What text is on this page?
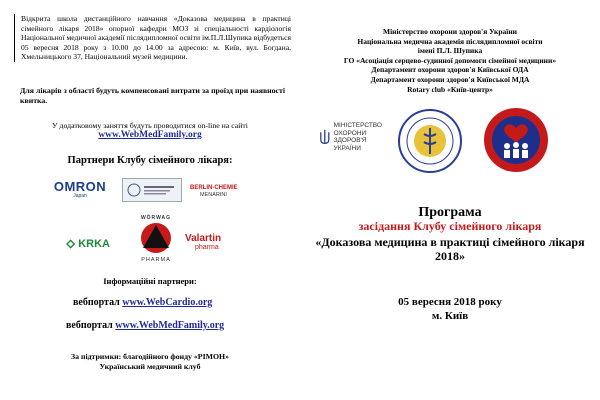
Відкрита школа дистанційного навчання «Доказова медицина в практиці сімейного лікаря 2018» опорної кафедри МОЗ зі спеціальності кардіологія Національної медичної академії післядипломної освіти ім.П.Л.Шупика відбудеться 05 вересня 2018 року з 10.00 до 14.00 за адресою: м. Київ, вул. Богдана, Хмельницького 37, Національний музей медицини.
Для лікарів з області будуть компенсовані витрати за проїзд при наявності квитка.
У додатковому заняття будуть проводитися on-line на сайті
www.WebMedFamily.org
Партнери Клубу сімейного лікаря:
OMRON
Japan
BERLIN-CHEMIE
MENARINI
KRKA
WÖRWAG
PHARMA
Valartin
pharma
Інформаційні партнери:
вебпортал www.WebCardio.org
вебпортал www.WebMedFamily.org
За підтримки: благодійного фонду «РІМОН»
Український медичний клуб
Міністерство охорони здоров'я України
Національна медична академія післядипломної освіти
імені П.Л. Шупика
ГО «Асоціація серцево-судинної допомоги сімейної медицини»
Департамент охорони здоров'я Київської ОДА
Департамент охорони здоров'я Київської МДА
Rotary club «Київ-центр»
МІНІСТЕРСТВО
ОХОРОНИ
ЗДОРОВ'Я
УКРАЇНИ
Програма
засідання Клубу сімейного лікаря
«Доказова медицина в практиці сімейного лікаря 2018»
05 вересня 2018 року
м. Київ
